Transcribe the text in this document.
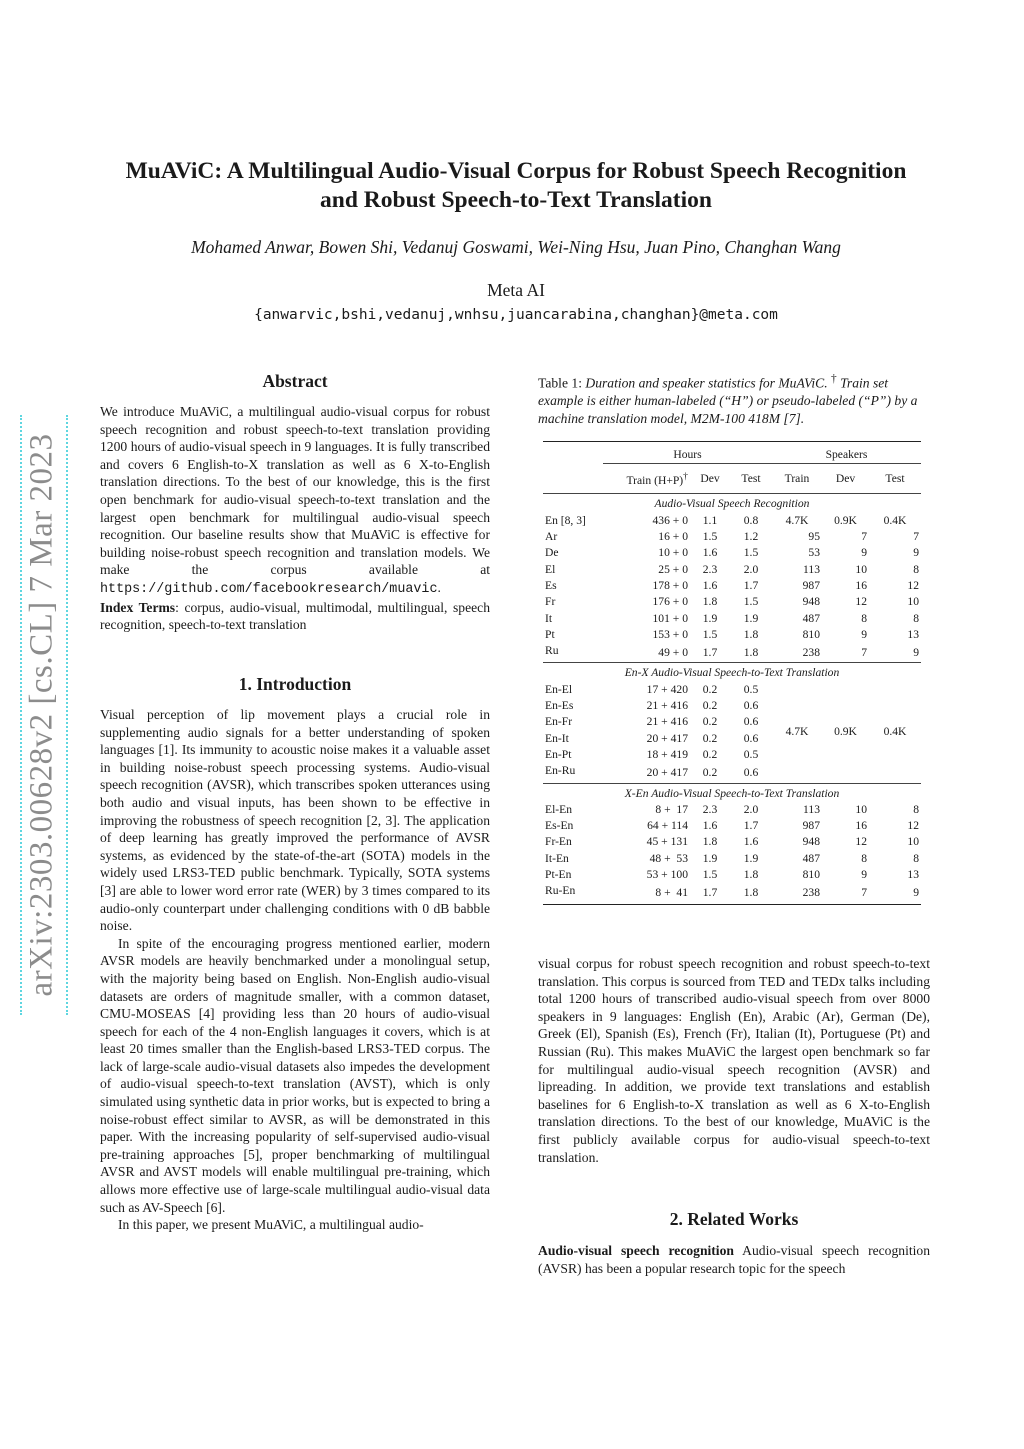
arXiv:2303.00628v2 [cs.CL] 7 Mar 2023
MuAViC: A Multilingual Audio-Visual Corpus for Robust Speech Recognition
and Robust Speech-to-Text Translation
Mohamed Anwar, Bowen Shi, Vedanuj Goswami, Wei-Ning Hsu, Juan Pino, Changhan Wang
Meta AI
{anwarvic,bshi,vedanuj,wnhsu,juancarabina,changhan}@meta.com
Abstract

We introduce MuAViC, a multilingual audio-visual corpus for robust speech recognition and robust speech-to-text translation providing 1200 hours of audio-visual speech in 9 languages. It is fully transcribed and covers 6 English-to-X translation as well as 6 X-to-English translation directions. To the best of our knowledge, this is the first open benchmark for audio-visual speech-to-text translation and the largest open benchmark for multilingual audio-visual speech recognition. Our baseline results show that MuAViC is effective for building noise-robust speech recognition and translation models. We make the corpus available at https://github.com/facebookresearch/muavic.

Index Terms: corpus, audio-visual, multimodal, multilingual, speech recognition, speech-to-text translation

1. Introduction

Visual perception of lip movement plays a crucial role in supplementing audio signals for a better understanding of spoken languages [1]. Its immunity to acoustic noise makes it a valuable asset in building noise-robust speech processing systems. Audio-visual speech recognition (AVSR), which transcribes spoken utterances using both audio and visual inputs, has been shown to be effective in improving the robustness of speech recognition [2, 3]. The application of deep learning has greatly improved the performance of AVSR systems, as evidenced by the state-of-the-art (SOTA) models in the widely used LRS3-TED public benchmark. Typically, SOTA systems [3] are able to lower word error rate (WER) by 3 times compared to its audio-only counterpart under challenging conditions with 0 dB babble noise.

In spite of the encouraging progress mentioned earlier, modern AVSR models are heavily benchmarked under a monolingual setup, with the majority being based on English. Non-English audio-visual datasets are orders of magnitude smaller, with a common dataset, CMU-MOSEAS [4] providing less than 20 hours of audio-visual speech for each of the 4 non-English languages it covers, which is at least 20 times smaller than the English-based LRS3-TED corpus. The lack of large-scale audio-visual datasets also impedes the development of audio-visual speech-to-text translation (AVST), which is only simulated using synthetic data in prior works, but is expected to bring a noise-robust effect similar to AVSR, as will be demonstrated in this paper. With the increasing popularity of self-supervised audio-visual pre-training approaches [5], proper benchmarking of multilingual AVSR and AVST models will enable multilingual pre-training, which allows more effective use of large-scale multilingual audio-visual data such as AV-Speech [6].

In this paper, we present MuAViC, a multilingual audio-

Table 1: Duration and speaker statistics for MuAViC. † Train set example is either human-labeled (“H”) or pseudo-labeled (“P”) by a machine translation model, M2M-100 418M [7].
	Hours			Speakers		
	Train (H+P)†	Dev	Test	Train	Dev	Test
Audio-Visual Speech Recognition						
En [8, 3]	436 + 0	1.1	0.8	4.7K	0.9K	0.4K
Ar	16 + 0	1.5	1.2	95	7	7
De	10 + 0	1.6	1.5	53	9	9
El	25 + 0	2.3	2.0	113	10	8
Es	178 + 0	1.6	1.7	987	16	12
Fr	176 + 0	1.8	1.5	948	12	10
It	101 + 0	1.9	1.9	487	8	8
Pt	153 + 0	1.5	1.8	810	9	13
Ru	49 + 0	1.7	1.8	238	7	9
En-X Audio-Visual Speech-to-Text Translation						
En-El	17 + 420	0.2	0.5	4.7K	0.9K	0.4K
En-Es	21 + 416	0.2	0.6			
En-Fr	21 + 416	0.2	0.6			
En-It	20 + 417	0.2	0.6			
En-Pt	18 + 419	0.2	0.5			
En-Ru	20 + 417	0.2	0.6			
X-En Audio-Visual Speech-to-Text Translation						
El-En	8 +  17	2.3	2.0	113	10	8
Es-En	64 + 114	1.6	1.7	987	16	12
Fr-En	45 + 131	1.8	1.6	948	12	10
It-En	48 +  53	1.9	1.9	487	8	8
Pt-En	53 + 100	1.5	1.8	810	9	13
Ru-En	8 +  41	1.7	1.8	238	7	9

visual corpus for robust speech recognition and robust speech-to-text translation. This corpus is sourced from TED and TEDx talks including total 1200 hours of transcribed audio-visual speech from over 8000 speakers in 9 languages: English (En), Arabic (Ar), German (De), Greek (El), Spanish (Es), French (Fr), Italian (It), Portuguese (Pt) and Russian (Ru). This makes MuAViC the largest open benchmark so far for multilingual audio-visual speech recognition (AVSR) and lipreading. In addition, we provide text translations and establish baselines for 6 English-to-X translation as well as 6 X-to-English translation directions. To the best of our knowledge, MuAViC is the first publicly available corpus for audio-visual speech-to-text translation.

2. Related Works

Audio-visual speech recognition Audio-visual speech recognition (AVSR) has been a popular research topic for the speech
